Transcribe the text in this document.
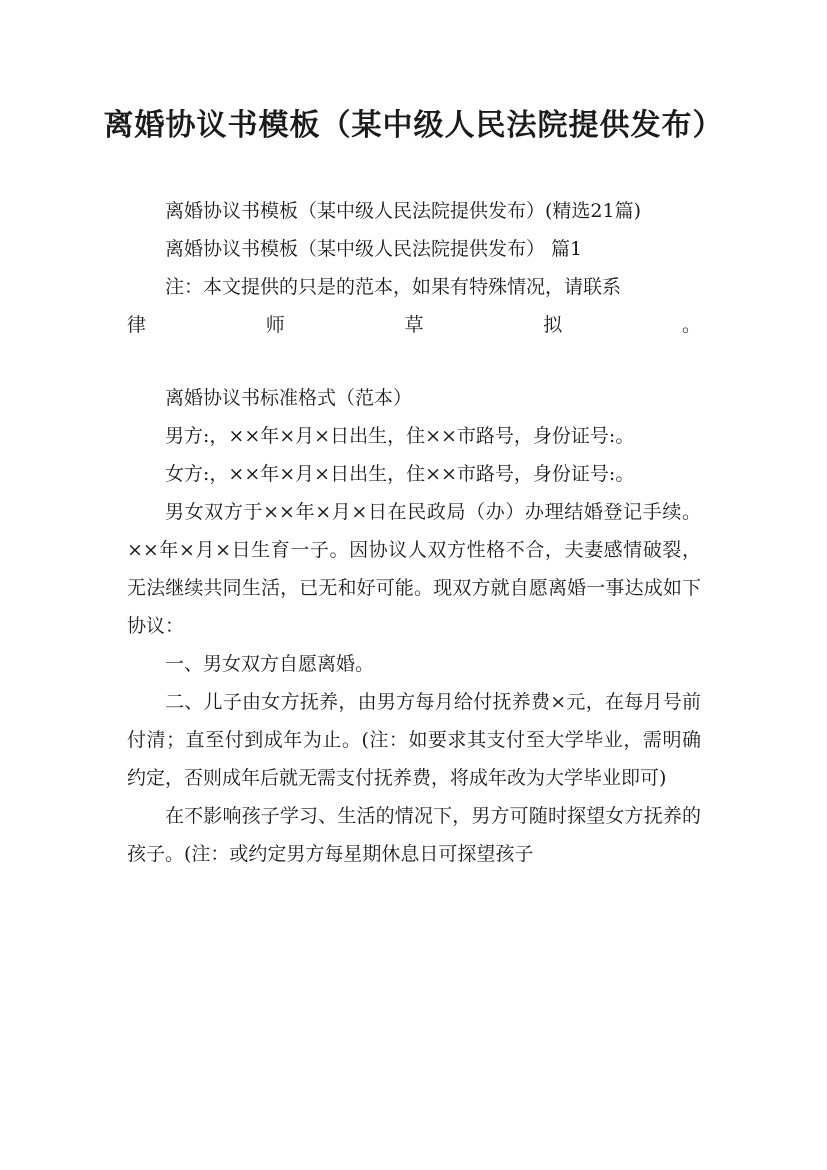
离婚协议书模板（某中级人民法院提供发布）

离婚协议书模板（某中级人民法院提供发布）(精选21篇)

离婚协议书模板（某中级人民法院提供发布） 篇1

注：本文提供的只是的范本，如果有特殊情况，请联系

律	师	草	拟	。

离婚协议书标准格式（范本）

男方:，××年×月×日出生，住××市路号，身份证号:。

女方:，××年×月×日出生，住××市路号，身份证号:。

男女双方于××年×月×日在民政局（办）办理结婚登记手续。××年×月×日生育一子。因协议人双方性格不合，夫妻感情破裂，无法继续共同生活，已无和好可能。现双方就自愿离婚一事达成如下协议：

一、男女双方自愿离婚。

二、儿子由女方抚养，由男方每月给付抚养费×元，在每月号前付清；直至付到成年为止。(注：如要求其支付至大学毕业，需明确约定，否则成年后就无需支付抚养费，将成年改为大学毕业即可)

在不影响孩子学习、生活的情况下，男方可随时探望女方抚养的孩子。(注：或约定男方每星期休息日可探望孩子
